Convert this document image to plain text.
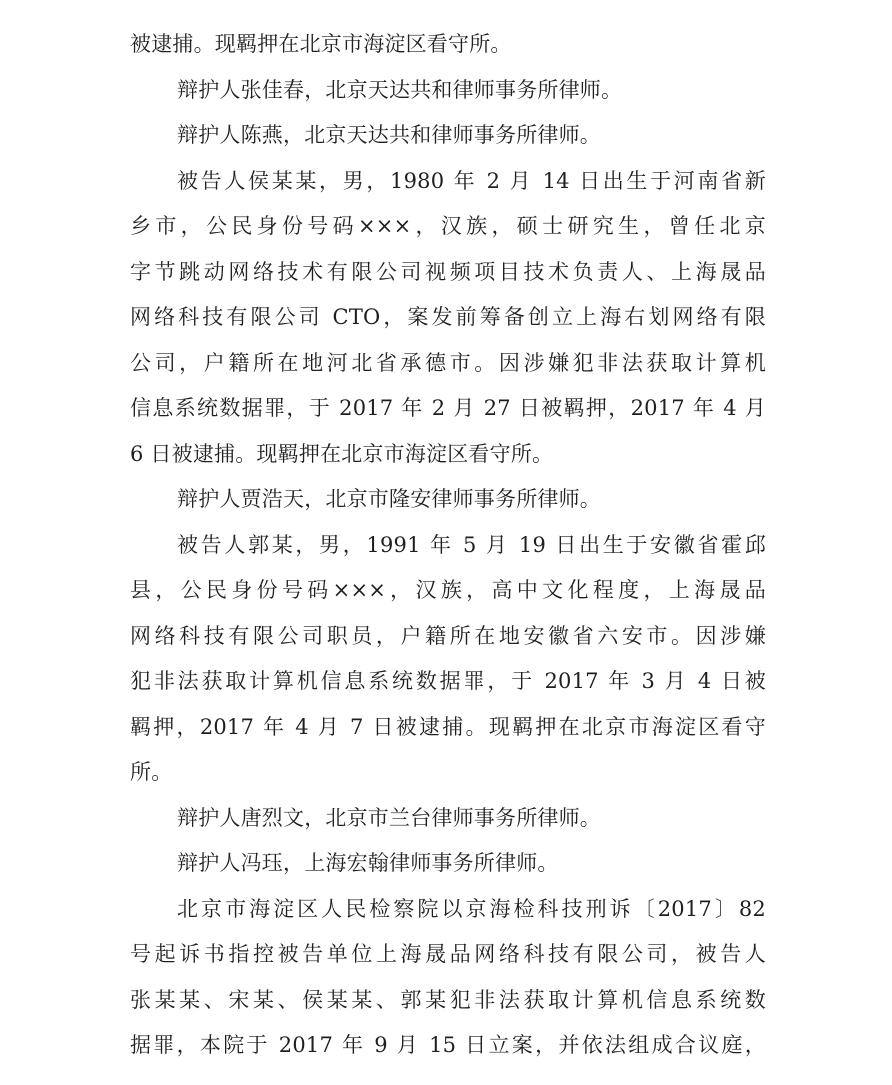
被逮捕。现羁押在北京市海淀区看守所。
辩护人张佳春，北京天达共和律师事务所律师。
辩护人陈燕，北京天达共和律师事务所律师。
被告人侯某某，男，1980 年 2 月 14 日出生于河南省新
乡市，公民身份号码×××，汉族，硕士研究生，曾任北京
字节跳动网络技术有限公司视频项目技术负责人、上海晟品
网络科技有限公司 CTO，案发前筹备创立上海右划网络有限
公司，户籍所在地河北省承德市。因涉嫌犯非法获取计算机
信息系统数据罪，于 2017 年 2 月 27 日被羁押，2017 年 4 月
6 日被逮捕。现羁押在北京市海淀区看守所。
辩护人贾浩天，北京市隆安律师事务所律师。
被告人郭某，男，1991 年 5 月 19 日出生于安徽省霍邱
县，公民身份号码×××，汉族，高中文化程度，上海晟品
网络科技有限公司职员，户籍所在地安徽省六安市。因涉嫌
犯非法获取计算机信息系统数据罪，于 2017 年 3 月 4 日被
羁押，2017 年 4 月 7 日被逮捕。现羁押在北京市海淀区看守
所。
辩护人唐烈文，北京市兰台律师事务所律师。
辩护人冯珏，上海宏翰律师事务所律师。
北京市海淀区人民检察院以京海检科技刑诉〔2017〕82
号起诉书指控被告单位上海晟品网络科技有限公司，被告人
张某某、宋某、侯某某、郭某犯非法获取计算机信息系统数
据罪，本院于 2017 年 9 月 15 日立案，并依法组成合议庭，
